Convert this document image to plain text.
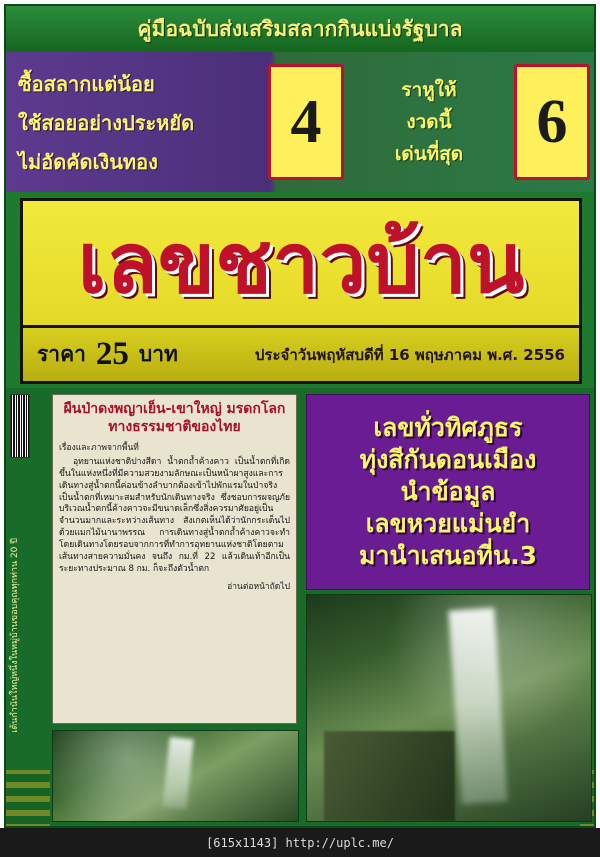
คู่มือฉบับส่งเสริมสลากกินแบ่งรัฐบาล
ซื้อสลากแต่น้อย
ใช้สอยอย่างประหยัด
ไม่อัดคัดเงินทอง
4	ราหูให้
งวดนี้
เด่นที่สุด 6
เลขชาวบ้าน
ราคา 25 บาท	ประจำวันพฤหัสบดีที่ 16 พฤษภาคม พ.ศ. 2556
เต้นกำนันใหญ่หนึ่งในหมู่บ้านขอบคุณทุกท่าน 20 ปี
ผืนป่าดงพญาเย็น-เขาใหญ่ มรดกโลกทางธรรมชาติของไทย
เรื่องและภาพจากพื้นที่
อุทยานแห่งชาติปางสีดา น้ำตกถ้ำค้างคาว เป็นน้ำตกที่เกิดขึ้นในแห่งหนึ่งที่มีความสวยงามลักษณะเป็นหน้าผาสูงและการเดินทางสู่น้ำตกนี้ค่อนข้างลำบากต้องเข้าไปพักแรมในป่าจริงเป็นน้ำตกที่เหมาะสมสำหรับนักเดินทางจริง ซึ่งชอบการผจญภัย บริเวณน้ำตกนี้ค้างคาวจะมีขนาดเล็กซึ่งสิ่งควรมาศัยอยู่เป็นจำนวนมากและระหว่างเส้นทาง สังเกตเห็นได้ว่านักกระเด็นไปด้วยแมกไม้นานาพรรณ การเดินทางสู่น้ำตกถ้ำค้างคาวจะทำ โดยเดินทางโดยรอบจากการที่ทำการอุทยานแห่งชาติโดยตามเส้นทางสายความมั่นคง จนถึง กม.ที่ 22 แล้วเดินเท้าอีกเป็นระยะทางประมาณ 8 กม. ก็จะถึงตัวน้ำตก
อ่านต่อหน้าถัดไป
เลขทั่วทิศภูธร
ทุ่งสีกันดอนเมือง
นำข้อมูล
เลขหวยแม่นยำ
มานำเสนอที่น.3
[615x1143] http://uplc.me/
